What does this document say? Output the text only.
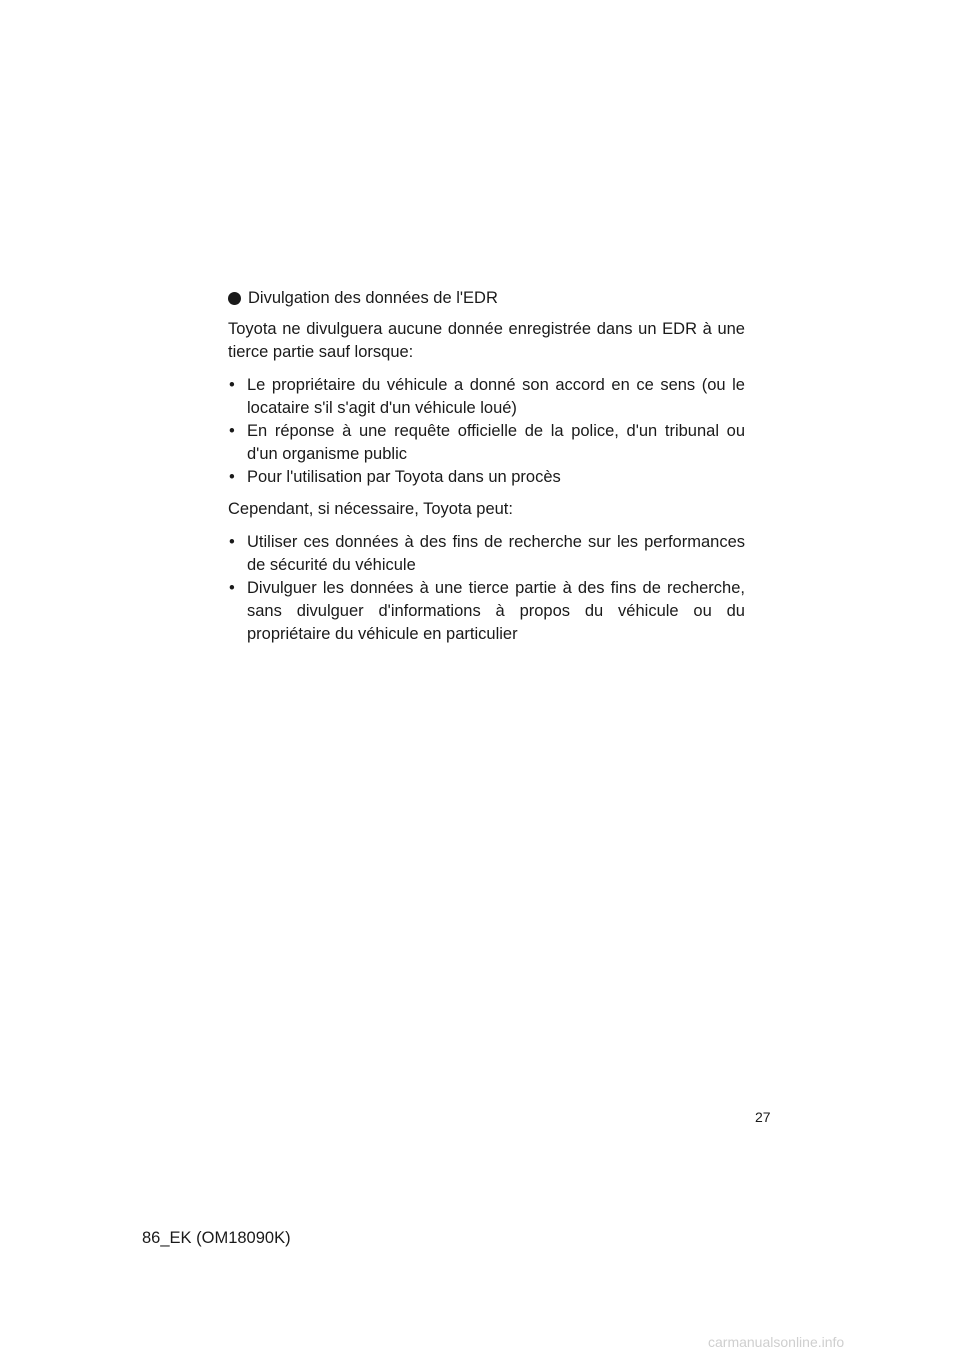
Divulgation des données de l'EDR

Toyota ne divulguera aucune donnée enregistrée dans un EDR à une tierce partie sauf lorsque:

• Le propriétaire du véhicule a donné son accord en ce sens (ou le locataire s'il s'agit d'un véhicule loué)
• En réponse à une requête officielle de la police, d'un tribunal ou d'un organisme public
• Pour l'utilisation par Toyota dans un procès

Cependant, si nécessaire, Toyota peut:

• Utiliser ces données à des fins de recherche sur les performances de sécurité du véhicule
• Divulguer les données à une tierce partie à des fins de recherche, sans divulguer d'informations à propos du véhicule ou du propriétaire du véhicule en particulier
27
86_EK (OM18090K)
carmanualsonline.info
